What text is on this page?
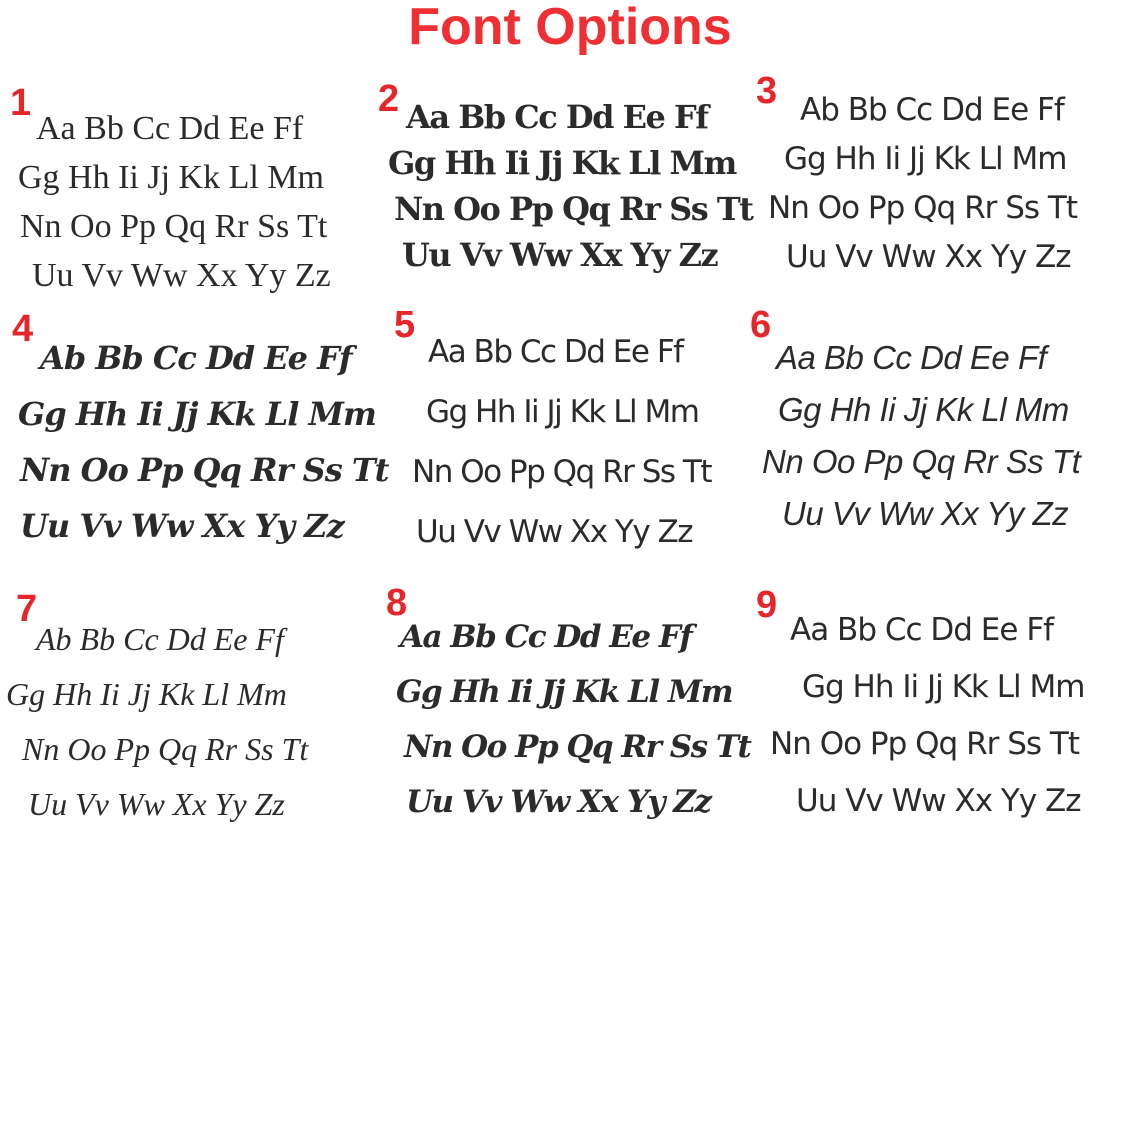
Font Options
1
Aa Bb Cc Dd Ee Ff
Gg Hh Ii Jj Kk Ll Mm
Nn Oo Pp Qq Rr Ss Tt
Uu Vv Ww Xx Yy Zz
2 Aa Bb Cc Dd Ee Ff
Gg Hh Ii Jj Kk Ll Mm
Nn Oo Pp Qq Rr Ss Tt
Uu Vv Ww Xx Yy Zz
3 Ab Bb Cc Dd Ee Ff
Gg Hh Ii Jj Kk Ll Mm
Nn Oo Pp Qq Rr Ss Tt
Uu Vv Ww Xx Yy Zz
4
Ab Bb Cc Dd Ee Ff
Gg Hh Ii Jj Kk Ll Mm
Nn Oo Pp Qq Rr Ss Tt
Uu Vv Ww Xx Yy Zz
5
Aa Bb Cc Dd Ee Ff
Gg Hh Ii Jj Kk Ll Mm
Nn Oo Pp Qq Rr Ss Tt
Uu Vv Ww Xx Yy Zz
6
Aa Bb Cc Dd Ee Ff
Gg Hh Ii Jj Kk Ll Mm
Nn Oo Pp Qq Rr Ss Tt
Uu Vv Ww Xx Yy Zz
7
Ab Bb Cc Dd Ee Ff
Gg Hh Ii Jj Kk Ll Mm
Nn Oo Pp Qq Rr Ss Tt
Uu Vv Ww Xx Yy Zz
8
Aa Bb Cc Dd Ee Ff
Gg Hh Ii Jj Kk Ll Mm
Nn Oo Pp Qq Rr Ss Tt
Uu Vv Ww Xx Yy Zz
9
Aa Bb Cc Dd Ee Ff
Gg Hh Ii Jj Kk Ll Mm
Nn Oo Pp Qq Rr Ss Tt
Uu Vv Ww Xx Yy Zz
